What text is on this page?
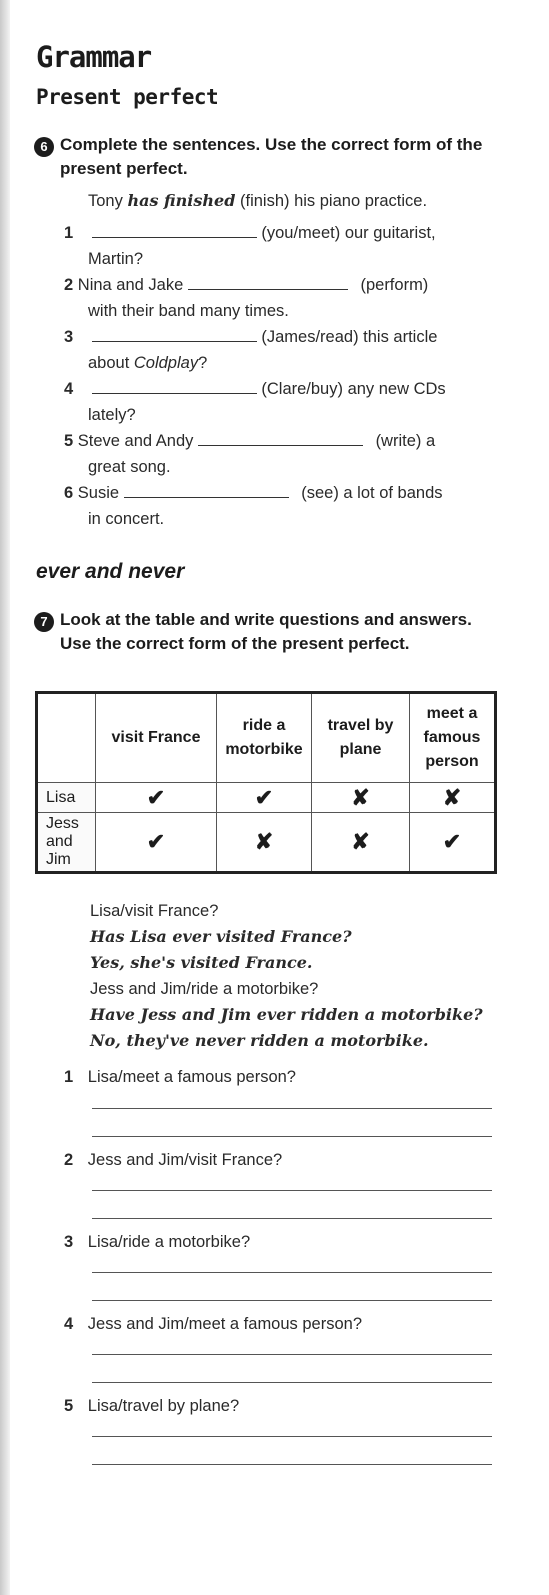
Grammar
Present perfect
6 Complete the sentences. Use the correct form of the present perfect.
Tony has finished (finish) his piano practice.
1	(you/meet) our guitarist,
Martin?
2 Nina and Jake	(perform)
with their band many times.
3	(James/read) this article
about Coldplay?
4	(Clare/buy) any new CDs
lately?
5 Steve and Andy	(write) a
great song.
6 Susie	(see) a lot of bands
in concert.
ever and never
7 Look at the table and write questions and answers. Use the correct form of the present perfect.
	visit France	ride a motorbike	travel by plane	meet a famous person
Lisa	✔	✔	✘	✘
Jess and Jim	✔	✘	✘	✔
Lisa/visit France?
Has Lisa ever visited France?
Yes, she's visited France.
Jess and Jim/ride a motorbike?
Have Jess and Jim ever ridden a motorbike?
No, they've never ridden a motorbike.
1 Lisa/meet a famous person?
2 Jess and Jim/visit France?
3 Lisa/ride a motorbike?
4 Jess and Jim/meet a famous person?
5 Lisa/travel by plane?
